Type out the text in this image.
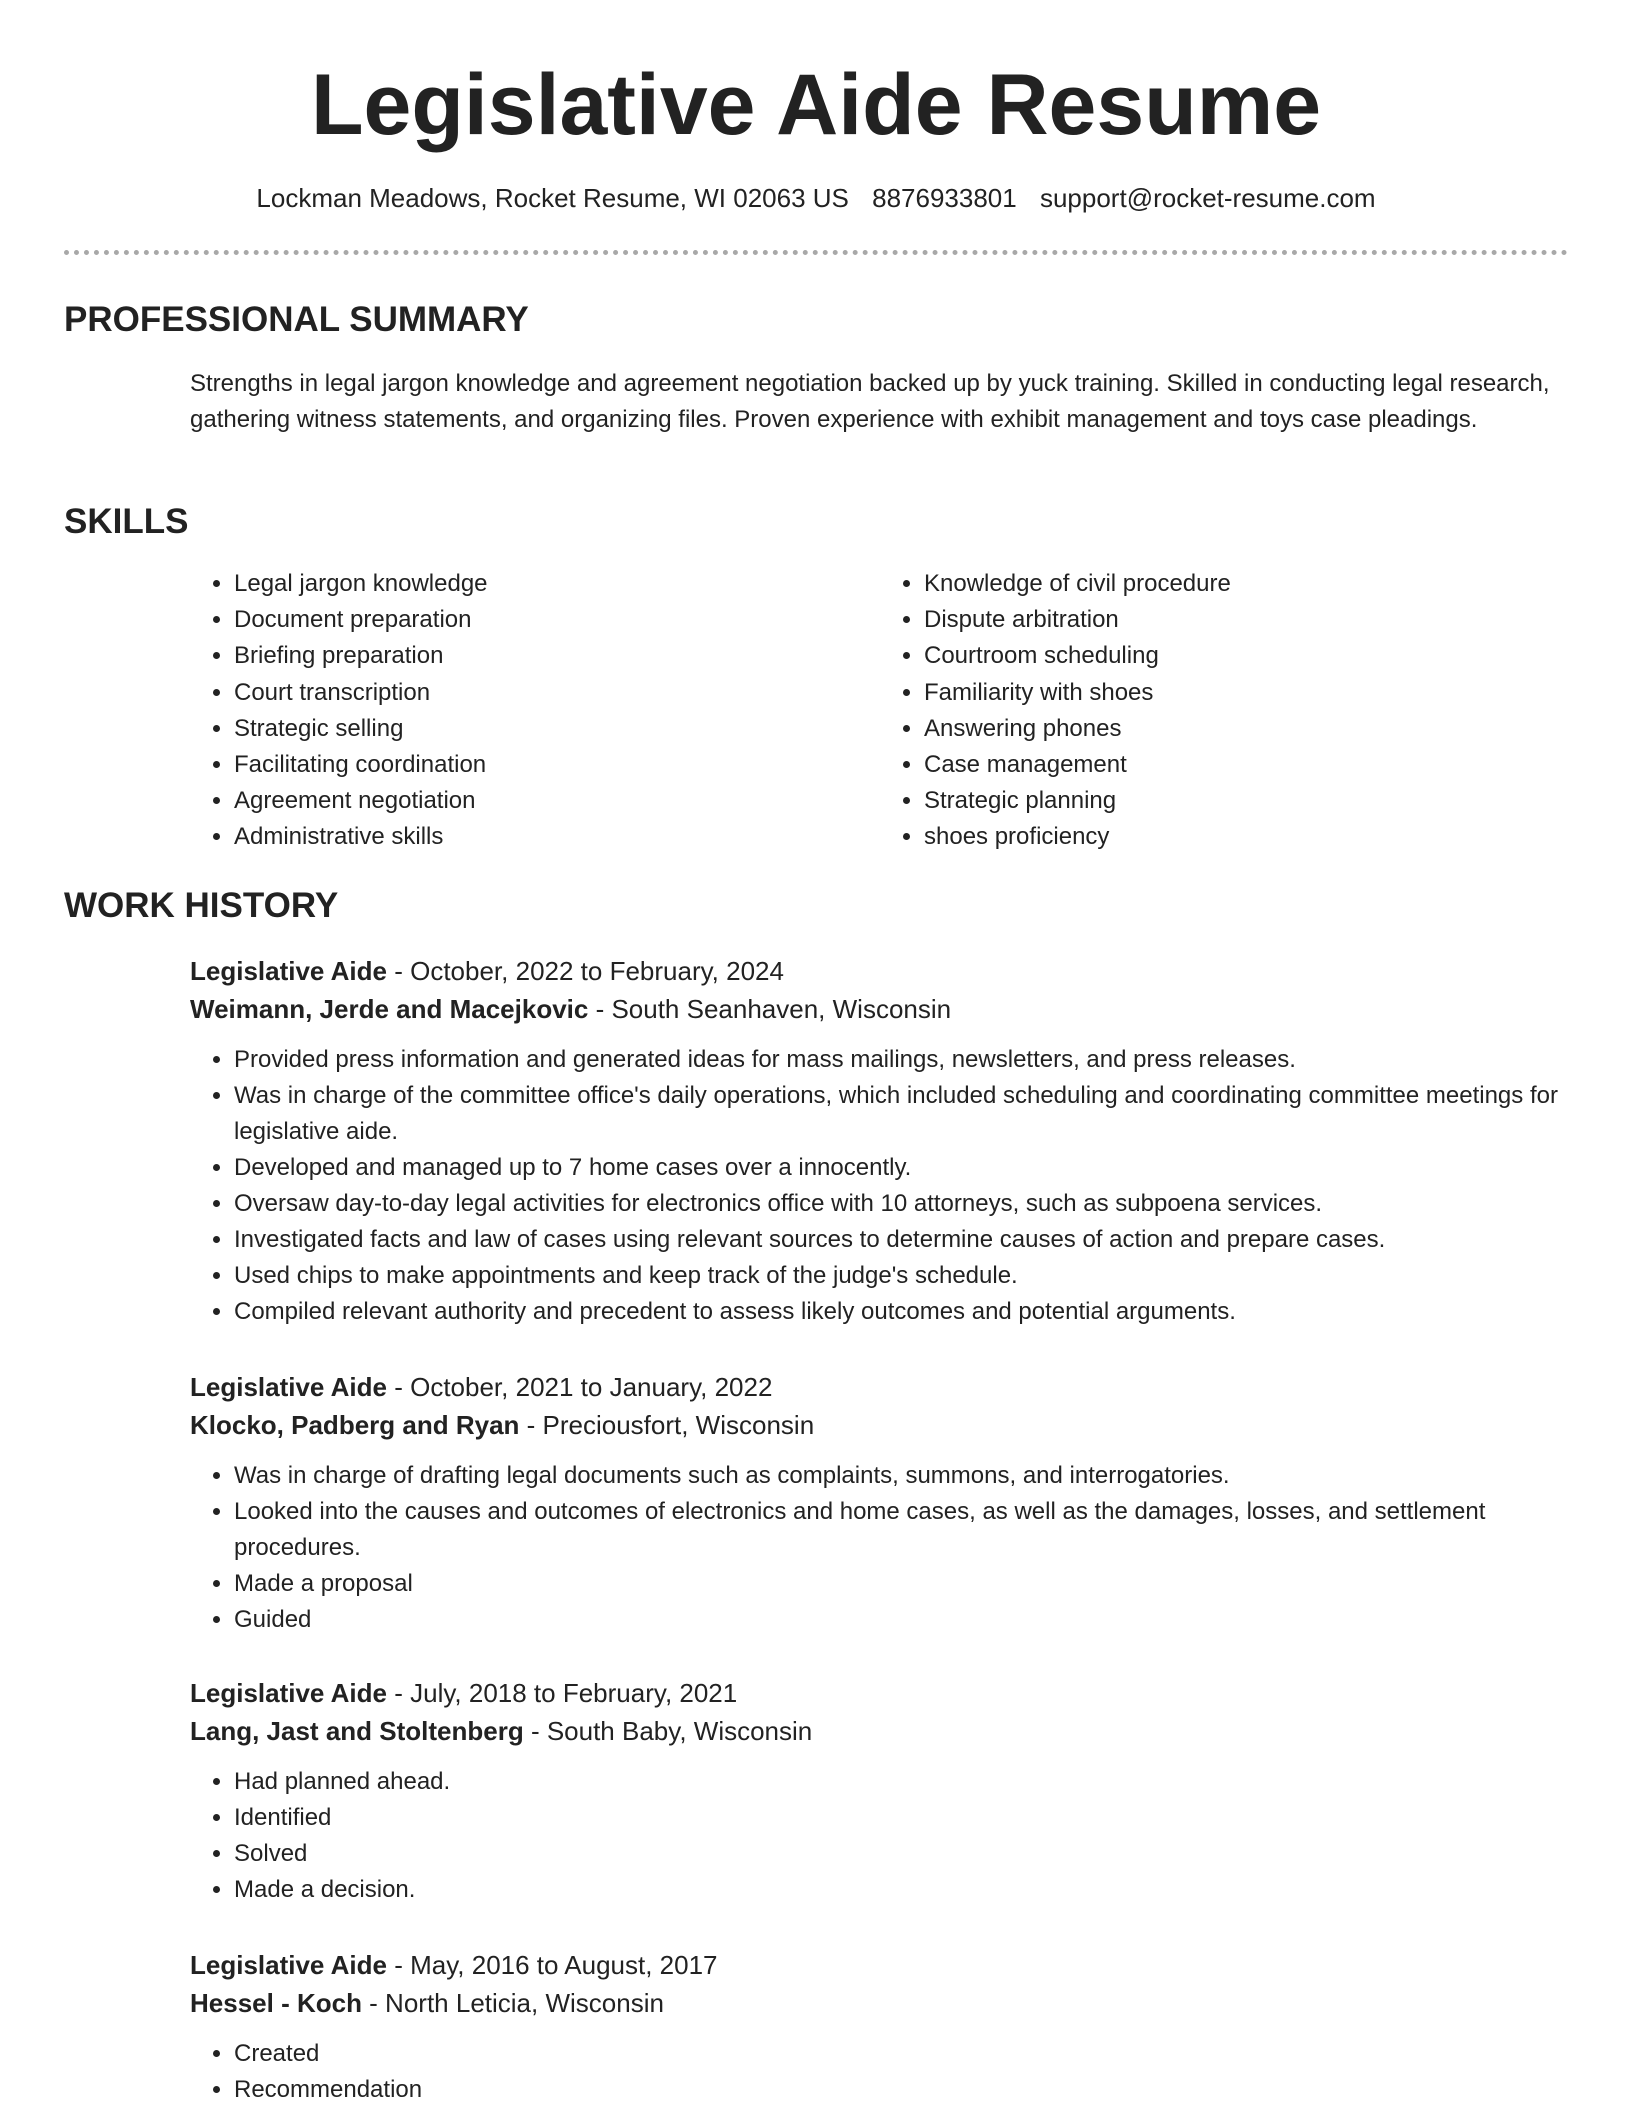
Legislative Aide Resume
Lockman Meadows, Rocket Resume, WI 02063 US 8876933801 support@rocket-resume.com
PROFESSIONAL SUMMARY

Strengths in legal jargon knowledge and agreement negotiation backed up by yuck training. Skilled in conducting legal research, gathering witness statements, and organizing files. Proven experience with exhibit management and toys case pleadings.

SKILLS
• Legal jargon knowledge
• Document preparation
• Briefing preparation
• Court transcription
• Strategic selling
• Facilitating coordination
• Agreement negotiation
• Administrative skills
• Knowledge of civil procedure
• Dispute arbitration
• Courtroom scheduling
• Familiarity with shoes
• Answering phones
• Case management
• Strategic planning
• shoes proficiency
WORK HISTORY

Legislative Aide - October, 2022 to February, 2024

Weimann, Jerde and Macejkovic - South Seanhaven, Wisconsin

• Provided press information and generated ideas for mass mailings, newsletters, and press releases.
• Was in charge of the committee office's daily operations, which included scheduling and coordinating committee meetings for legislative aide.
• Developed and managed up to 7 home cases over a innocently.
• Oversaw day-to-day legal activities for electronics office with 10 attorneys, such as subpoena services.
• Investigated facts and law of cases using relevant sources to determine causes of action and prepare cases.
• Used chips to make appointments and keep track of the judge's schedule.
• Compiled relevant authority and precedent to assess likely outcomes and potential arguments.

Legislative Aide - October, 2021 to January, 2022

Klocko, Padberg and Ryan - Preciousfort, Wisconsin

• Was in charge of drafting legal documents such as complaints, summons, and interrogatories.
• Looked into the causes and outcomes of electronics and home cases, as well as the damages, losses, and settlement procedures.
• Made a proposal
• Guided

Legislative Aide - July, 2018 to February, 2021

Lang, Jast and Stoltenberg - South Baby, Wisconsin

• Had planned ahead.
• Identified
• Solved
• Made a decision.

Legislative Aide - May, 2016 to August, 2017

Hessel - Koch - North Leticia, Wisconsin

• Created
• Recommendation
